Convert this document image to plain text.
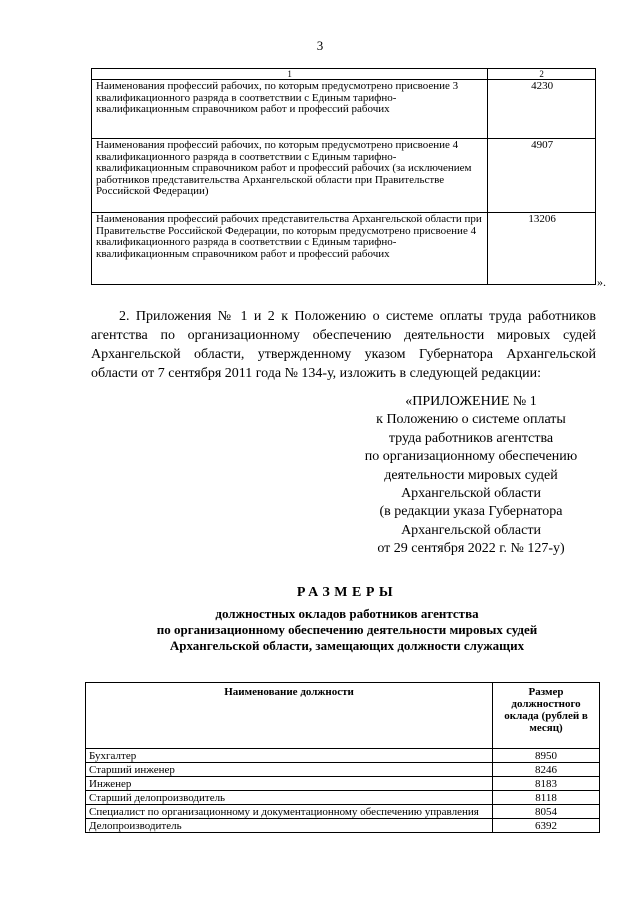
3
1	2
Наименования профессий рабочих, по которым предусмотрено присвоение 3 квалификационного разряда в соответствии с Единым тарифно-квалификационным справочником работ и профессий рабочих	4230
Наименования профессий рабочих, по которым предусмотрено присвоение 4 квалификационного разряда в соответствии с Единым тарифно-квалификационным справочником работ и профессий рабочих (за исключением работников представительства Архангельской области при Правительстве Российской Федерации)	4907
Наименования профессий рабочих представительства Архангельской области при Правительстве Российской Федерации, по которым предусмотрено присвоение 4 квалификационного разряда в соответствии с Единым тарифно-квалификационным справочником работ и профессий рабочих	13206
».
2. Приложения № 1 и 2 к Положению о системе оплаты труда работников
агентства по организационному обеспечению деятельности мировых судей
Архангельской области, утвержденному указом Губернатора Архангельской
области от 7 сентября 2011 года № 134-у, изложить в следующей редакции:
«ПРИЛОЖЕНИЕ № 1
к Положению о системе оплаты
труда работников агентства
по организационному обеспечению
деятельности мировых судей
Архангельской области
(в редакции указа Губернатора
Архангельской области
от 29 сентября 2022 г. № 127-у)
РАЗМЕРЫ
должностных окладов работников агентства
по организационному обеспечению деятельности мировых судей
Архангельской области, замещающих должности служащих
Наименование должности	Размер должностного оклада (рублей в месяц)
Бухгалтер	8950
Старший инженер	8246
Инженер	8183
Старший делопроизводитель	8118
Специалист по организационному и документационному обеспечению управления	8054
Делопроизводитель	6392
